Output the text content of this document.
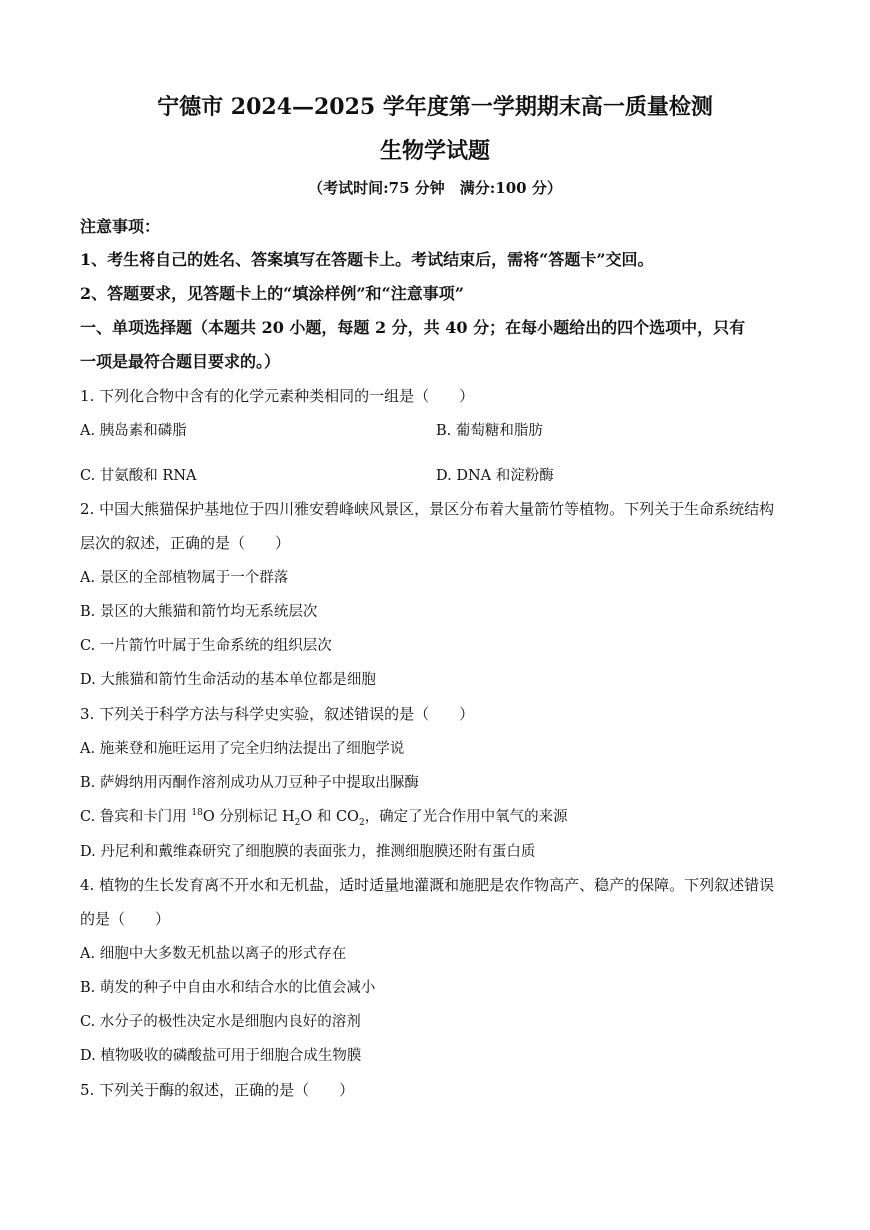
宁德市 2024—2025 学年度第一学期期末高一质量检测
生物学试题
（考试时间:75 分钟　满分:100 分）
注意事项：
1、考生将自己的姓名、答案填写在答题卡上。考试结束后，需将“答题卡”交回。
2、答题要求，见答题卡上的“填涂样例”和“注意事项”
一、单项选择题（本题共 20 小题，每题 2 分，共 40 分；在每小题给出的四个选项中，只有
一项是最符合题目要求的。）
1. 下列化合物中含有的化学元素种类相同的一组是（　　）
A. 胰岛素和磷脂	B. 葡萄糖和脂肪
C. 甘氨酸和 RNA	D. DNA 和淀粉酶
2. 中国大熊猫保护基地位于四川雅安碧峰峡风景区，景区分布着大量箭竹等植物。下列关于生命系统结构
层次的叙述，正确的是（　　）
A. 景区的全部植物属于一个群落
B. 景区的大熊猫和箭竹均无系统层次
C. 一片箭竹叶属于生命系统的组织层次
D. 大熊猫和箭竹生命活动的基本单位都是细胞
3. 下列关于科学方法与科学史实验，叙述错误的是（　　）
A. 施莱登和施旺运用了完全归纳法提出了细胞学说
B. 萨姆纳用丙酮作溶剂成功从刀豆种子中提取出脲酶
C. 鲁宾和卡门用 $^{18}$O 分别标记 $H_2O$ 和 $CO_2$，确定了光合作用中氧气的来源
D. 丹尼利和戴维森研究了细胞膜的表面张力，推测细胞膜还附有蛋白质
4. 植物的生长发育离不开水和无机盐，适时适量地灌溉和施肥是农作物高产、稳产的保障。下列叙述错误
的是（　　）
A. 细胞中大多数无机盐以离子的形式存在
B. 萌发的种子中自由水和结合水的比值会减小
C. 水分子的极性决定水是细胞内良好的溶剂
D. 植物吸收的磷酸盐可用于细胞合成生物膜
5. 下列关于酶的叙述，正确的是（　　）
